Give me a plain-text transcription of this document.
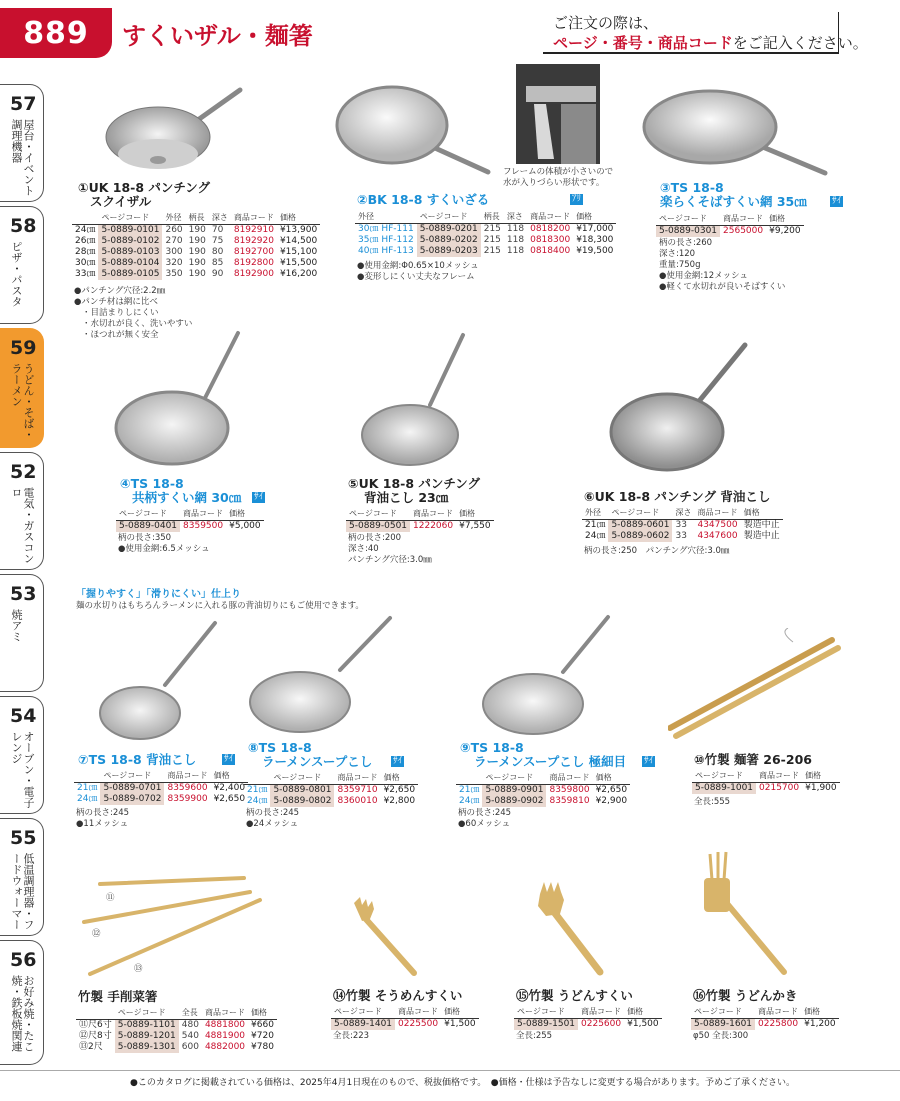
889	すくいザル・麺箸	ご注文の際は、
ページ・番号・商品コードをご記入ください。
57
屋台・イベント調理機器
58
ピザ・パスタ
59
うどん・そば・ラーメン
52
電気・ガスコンロ
53
焼アミ
54
オーブン・電子レンジ
55
低温調理器・フードウォーマー
56
お好み焼・たこ焼・鉄板焼関連
①UK 18-8 パンチング
スクイザル
	ページコード	外径	柄長	深さ	商品コード	価格
24㎝	5-0889-0101	260	190	70	8192910	¥13,900
26㎝	5-0889-0102	270	190	75	8192920	¥14,500
28㎝	5-0889-0103	300	190	80	8192700	¥15,100
30㎝	5-0889-0104	320	190	85	8192800	¥15,500
33㎝	5-0889-0105	350	190	90	8192900	¥16,200
●パンチング穴径:2.2㎜
●パンチ材は網に比べ
・目詰まりしにくい
・水切れが良く、洗いやすい
・ほつれが無く安全
フレームの体積が小さいので
水が入りづらい形状です。
②BK 18-8 すくいざる	ｱﾘ
外径	ページコード	柄長	深さ	商品コード	価格
30㎝ HF-111	5-0889-0201	215	118	0818200	¥17,000
35㎝ HF-112	5-0889-0202	215	118	0818300	¥18,300
40㎝ HF-113	5-0889-0203	215	118	0818400	¥19,500
●使用金網:Φ0.65×10メッシュ
●変形しにくい丈夫なフレーム
③TS 18-8
楽らくそばすくい網 35㎝	ｻｲ
ページコード	商品コード	価格
5-0889-0301	2565000	¥9,200
柄の長さ:260
深さ:120
重量:750g
●使用金網:12メッシュ
●軽くて水切れが良いそばすくい
④TS 18-8
共柄すくい網 30㎝ ｻｲ
ページコード	商品コード	価格
5-0889-0401	8359500	¥5,000
柄の長さ:350
●使用金網:6.5メッシュ
⑤UK 18-8 パンチング
背油こし 23㎝
ページコード	商品コード	価格
5-0889-0501	1222060	¥7,550
柄の長さ:200
深さ:40
パンチング穴径:3.0㎜
⑥UK 18-8 パンチング 背油こし
外径	ページコード	深さ	商品コード	価格
21㎝	5-0889-0601	33	4347500	製造中止
24㎝	5-0889-0602	33	4347600	製造中止
柄の長さ:250　パンチング穴径:3.0㎜
「握りやすく」「滑りにくい」仕上り
麺の水切りはもちろんラーメンに入れる豚の背油切りにもご使用できます。
⑦TS 18-8 背油こし	ｻｲ
	ページコード	商品コード	価格
21㎝	5-0889-0701	8359600	¥2,400
24㎝	5-0889-0702	8359900	¥2,650
柄の長さ:245
●11メッシュ
⑧TS 18-8
ラーメンスープこし ｻｲ
	ページコード	商品コード	価格
21㎝	5-0889-0801	8359710	¥2,650
24㎝	5-0889-0802	8360010	¥2,800
柄の長さ:245
●24メッシュ
⑨TS 18-8
ラーメンスープこし 極細目 ｻｲ
	ページコード	商品コード	価格
21㎝	5-0889-0901	8359800	¥2,650
24㎝	5-0889-0902	8359810	¥2,900
柄の長さ:245
●60メッシュ
⑩竹製 麺箸 26-206
ページコード	商品コード	価格
5-0889-1001	0215700	¥1,900
全長:555
⑪
⑫
⑬
竹製 手削菜箸
	ページコード	全長	商品コード	価格
⑪尺6寸	5-0889-1101	480	4881800	¥660
⑫尺8寸	5-0889-1201	540	4881900	¥720
⑬2尺	5-0889-1301	600	4882000	¥780
⑭竹製 そうめんすくい
ページコード	商品コード	価格
5-0889-1401	0225500	¥1,500
全長:223
⑮竹製 うどんすくい
ページコード	商品コード	価格
5-0889-1501	0225600	¥1,500
全長:255
⑯竹製 うどんかき
ページコード	商品コード	価格
5-0889-1601	0225800	¥1,200
φ50 全長:300
●このカタログに掲載されている価格は、2025年4月1日現在のもので、税抜価格です。　●価格・仕様は予告なしに変更する場合があります。予めご了承ください。
